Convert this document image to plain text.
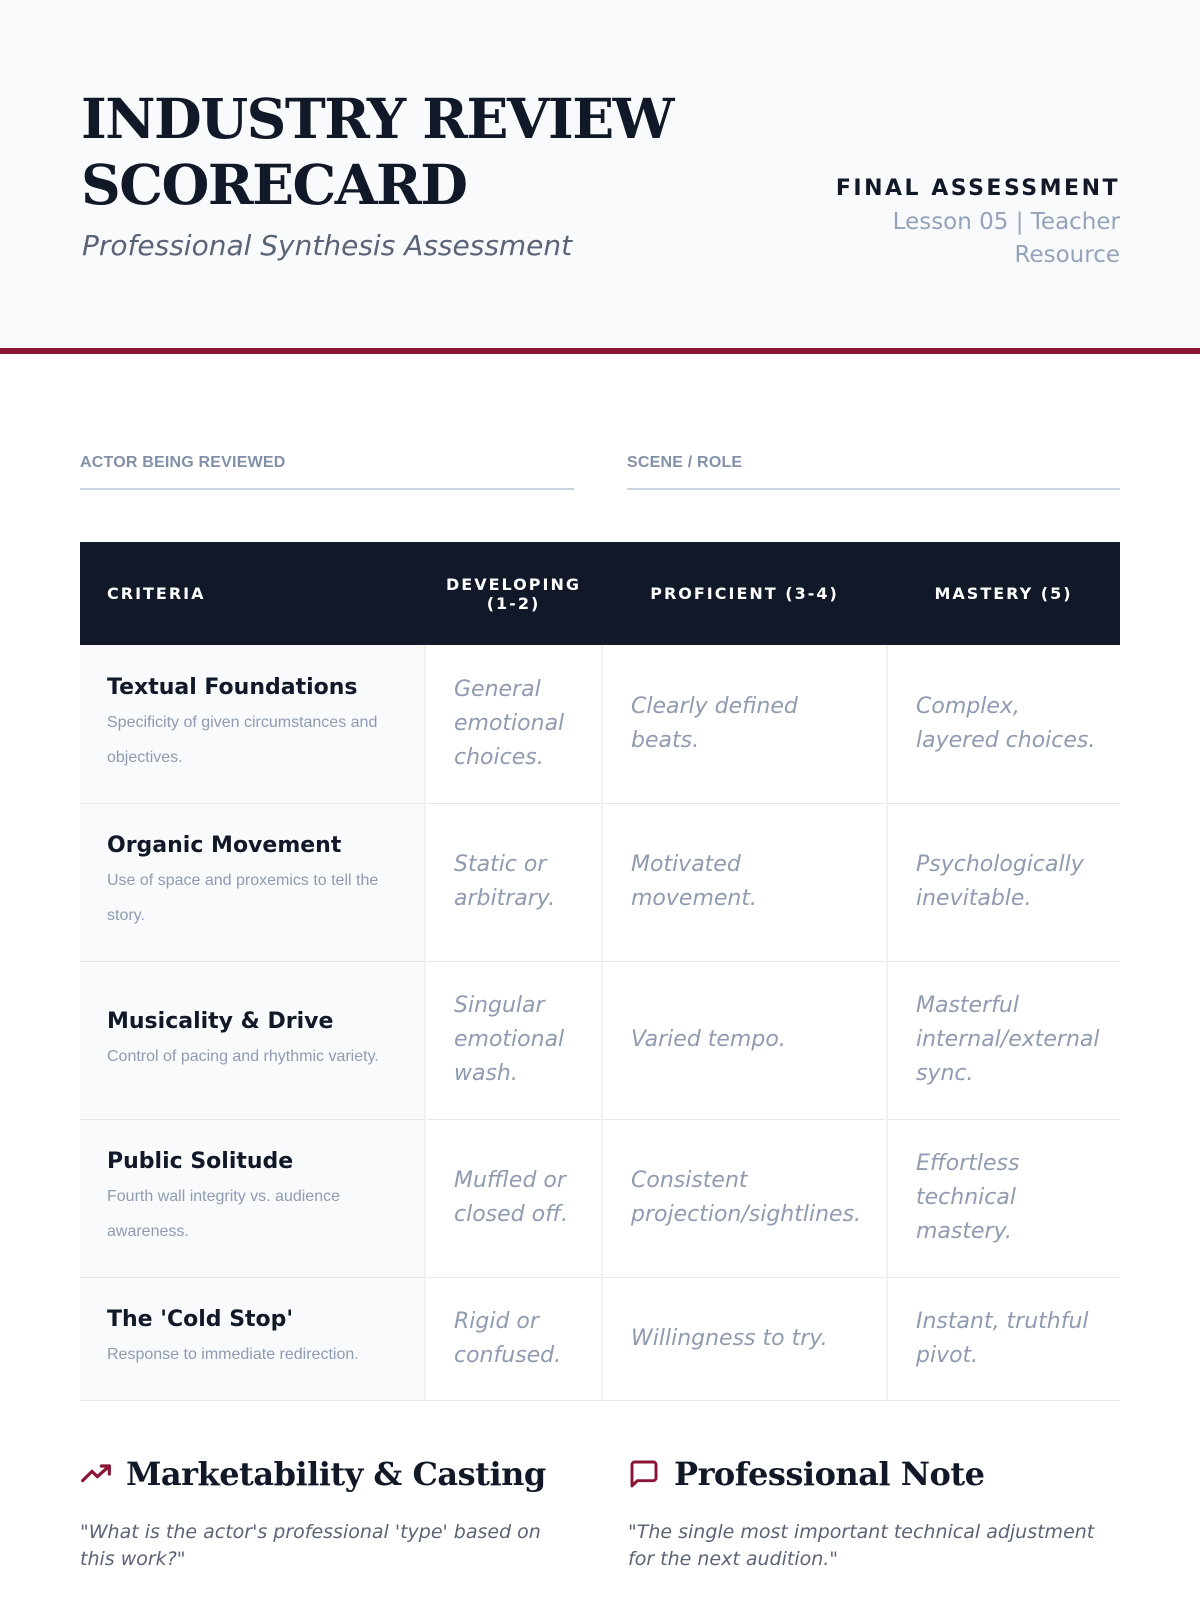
INDUSTRY REVIEW
SCORECARD
Professional Synthesis Assessment
FINAL ASSESSMENT
Lesson 05 | Teacher Resource
ACTOR BEING REVIEWED	SCENE / ROLE
CRITERIA	DEVELOPING (1-2)	PROFICIENT (3-4)	MASTERY (5)

Textual Foundations
Specificity of given circumstances and objectives.	General emotional choices.	Clearly defined beats.	Complex, layered choices.

Organic Movement
Use of space and proxemics to tell the story.	Static or arbitrary.	Motivated movement.	Psychologically inevitable.

Musicality & Drive
Control of pacing and rhythmic variety.	Singular emotional wash.	Varied tempo.	Masterful internal/external sync.

Public Solitude
Fourth wall integrity vs. audience awareness.	Muffled or closed off.	Consistent projection/sightlines.	Effortless technical mastery.

The 'Cold Stop'
Response to immediate redirection.	Rigid or confused.	Willingness to try.	Instant, truthful pivot.
Marketability & Casting
"What is the actor's professional 'type' based on this work?"
Professional Note
"The single most important technical adjustment for the next audition."
